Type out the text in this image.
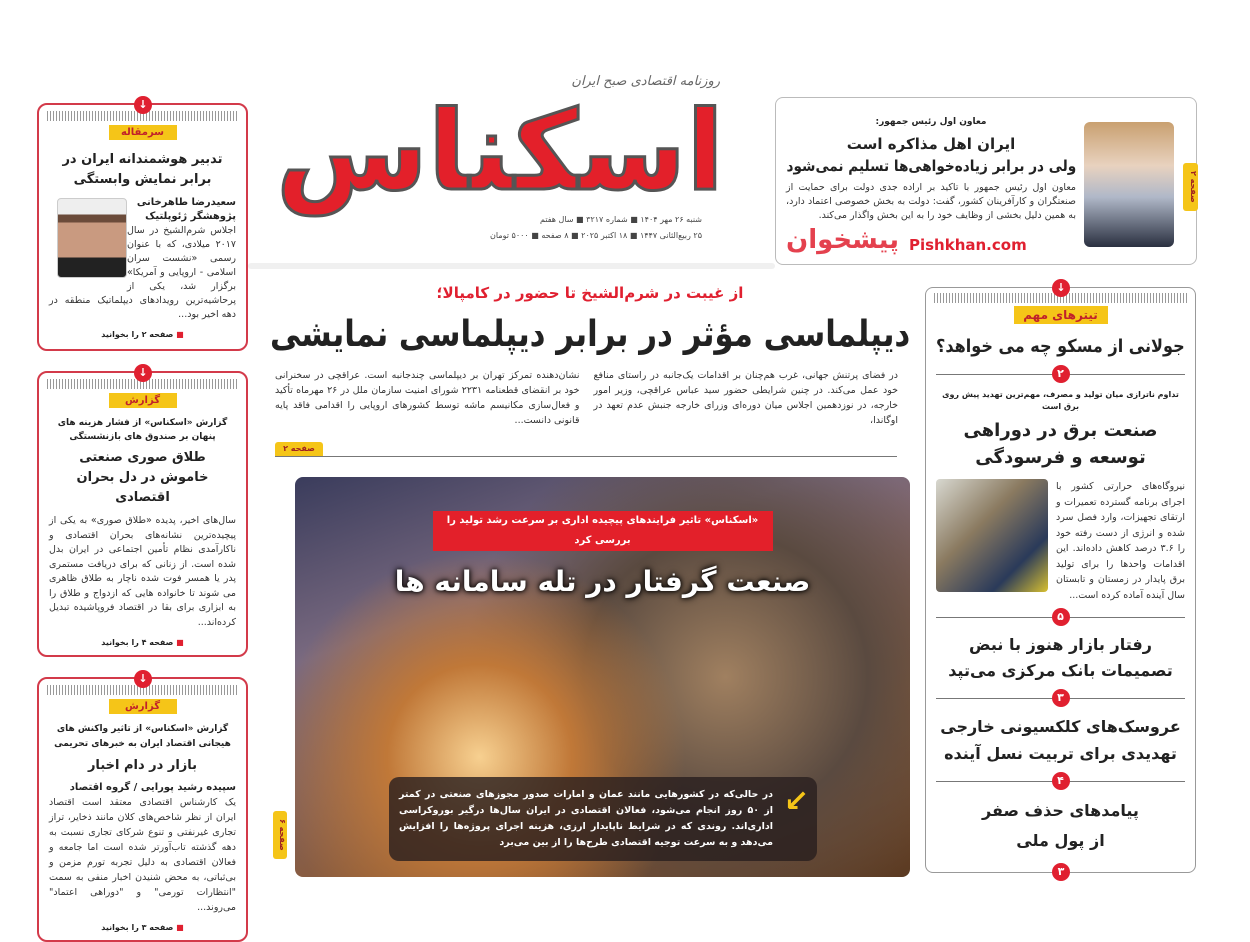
معاون اول رئیس جمهور:
ایران اهل مذاکره است
ولی در برابر زیاده‌خواهی‌ها تسلیم نمی‌شود
معاون اول رئیس جمهور با تاکید بر اراده جدی دولت برای حمایت از صنعتگران و کارآفرینان کشور، گفت: دولت به بخش خصوصی اعتماد دارد، به همین دلیل بخشی از وظایف خود را به این بخش واگذار می‌کند.
پیشخوان Pishkhan.com
صفحه ۲
روزنامه اقتصادی صبح ایران
اسکناس
شنبه ۲۶ مهر ۱۴۰۴ ■ شماره ۳۲۱۷ ■ سال هفتم
۲۵ ربیع‌الثانی ۱۴۴۷ ■ ۱۸ اکتبر ۲۰۲۵ ■ ۸ صفحه ■ ۵۰۰۰ تومان
↓
سرمقاله
تدبیر هوشمندانه ایران در برابر نمایش وابستگی
سعیدرضا طاهرخانی
پژوهشگر ژئوپلتیک
اجلاس شرم‌الشیخ در سال ۲۰۱۷ میلادی، که با عنوان رسمی «نشست سران اسلامی - اروپایی و آمریکا» برگزار شد، یکی از پرحاشیه‌ترین رویدادهای دیپلماتیک منطقه در دهه اخیر بود...
■ صفحه ۲ را بخوانید
↓
گزارش
گزارش «اسکناس» از فشار هزینه های پنهان بر صندوق های بازنشستگی
طلاق صوری صنعتی خاموش در دل بحران اقتصادی
سال‌های اخیر، پدیده «طلاق صوری» به یکی از پیچیده‌ترین نشانه‌های بحران اقتصادی و ناکارآمدی نظام تأمین اجتماعی در ایران بدل شده است. از زنانی که برای دریافت مستمری پدر یا همسر فوت شده ناچار به طلاق ظاهری می شوند تا خانواده هایی که ازدواج و طلاق را به ابزاری برای بقا در اقتصاد فروپاشیده تبدیل کرده‌اند...
■ صفحه ۴ را بخوانید
↓
گزارش
گزارش «اسکناس» از تاثیر واکنش های هیجانی اقتصاد ایران به خبرهای تحریمی
بازار در دام اخبار
سپیده رشید پورایی / گروه اقتصاد
یک کارشناس اقتصادی معتقد است اقتصاد ایران از نظر شاخص‌های کلان مانند ذخایر، تراز تجاری غیرنفتی و تنوع شرکای تجاری نسبت به دهه گذشته تاب‌آورتر شده است اما جامعه و فعالان اقتصادی به دلیل تجربه تورم مزمن و بی‌ثباتی، به محض شنیدن اخبار منفی به سمت "انتظارات تورمی" و "دوراهی اعتماد" می‌روند...
■ صفحه ۳ را بخوانید
از غیبت در شرم‌الشیخ تا حضور در کامپالا؛
دیپلماسی مؤثر در برابر دیپلماسی نمایشی
در فضای پرتنش جهانی، غرب هم‌چنان بر اقدامات یک‌جانبه در راستای منافع خود عمل می‌کند. در چنین شرایطی حضور سید عباس عراقچی، وزیر امور خارجه، در نوزدهمین اجلاس میان دوره‌ای وزرای خارجه جنبش عدم تعهد در اوگاندا،
نشان‌دهنده تمرکز تهران بر دیپلماسی چندجانبه است. عراقچی در سخنرانی خود بر انقضای قطعنامه ۲۲۳۱ شورای امنیت سازمان ملل در ۲۶ مهرماه تأکید و فعال‌سازی مکانیسم ماشه توسط کشورهای اروپایی را اقدامی فاقد پایه قانونی دانست...
صفحه ۲
«اسکناس» تاثیر فرایندهای پیچیده اداری بر سرعت رشد تولید را بررسی کرد
صنعت گرفتار در تله سامانه ها
↙
در حالی‌که در کشورهایی مانند عمان و امارات صدور مجوزهای صنعتی در کمتر از ۵۰ روز انجام می‌شود، فعالان اقتصادی در ایران سال‌ها درگیر بوروکراسی اداری‌اند. روندی که در شرایط ناپایدار ارزی، هزینه اجرای پروژه‌ها را افزایش می‌دهد و به سرعت توجیه اقتصادی طرح‌ها را از بین می‌برد
صفحه ۶
↓
تیترهای مهم
جولانی از مسکو چه می خواهد؟
۲
تداوم ناترازی میان تولید و مصرف، مهم‌ترین تهدید پیش روی برق است
صنعت برق در دوراهی توسعه و فرسودگی
نیروگاه‌های حرارتی کشور با اجرای برنامه گسترده تعمیرات و ارتقای تجهیزات، وارد فصل سرد شده و انرژی از دست رفته خود را ۳.۶ درصد کاهش داده‌اند. این اقدامات واحدها را برای تولید برق پایدار در زمستان و تابستان سال آینده آماده کرده است...
۵
رفتار بازار هنوز با نبض تصمیمات بانک مرکزی می‌تپد
۳
عروسک‌های کلکسیونی خارجی تهدیدی برای تربیت نسل آینده
۴
پیامدهای حذف صفر از پول ملی
۳
